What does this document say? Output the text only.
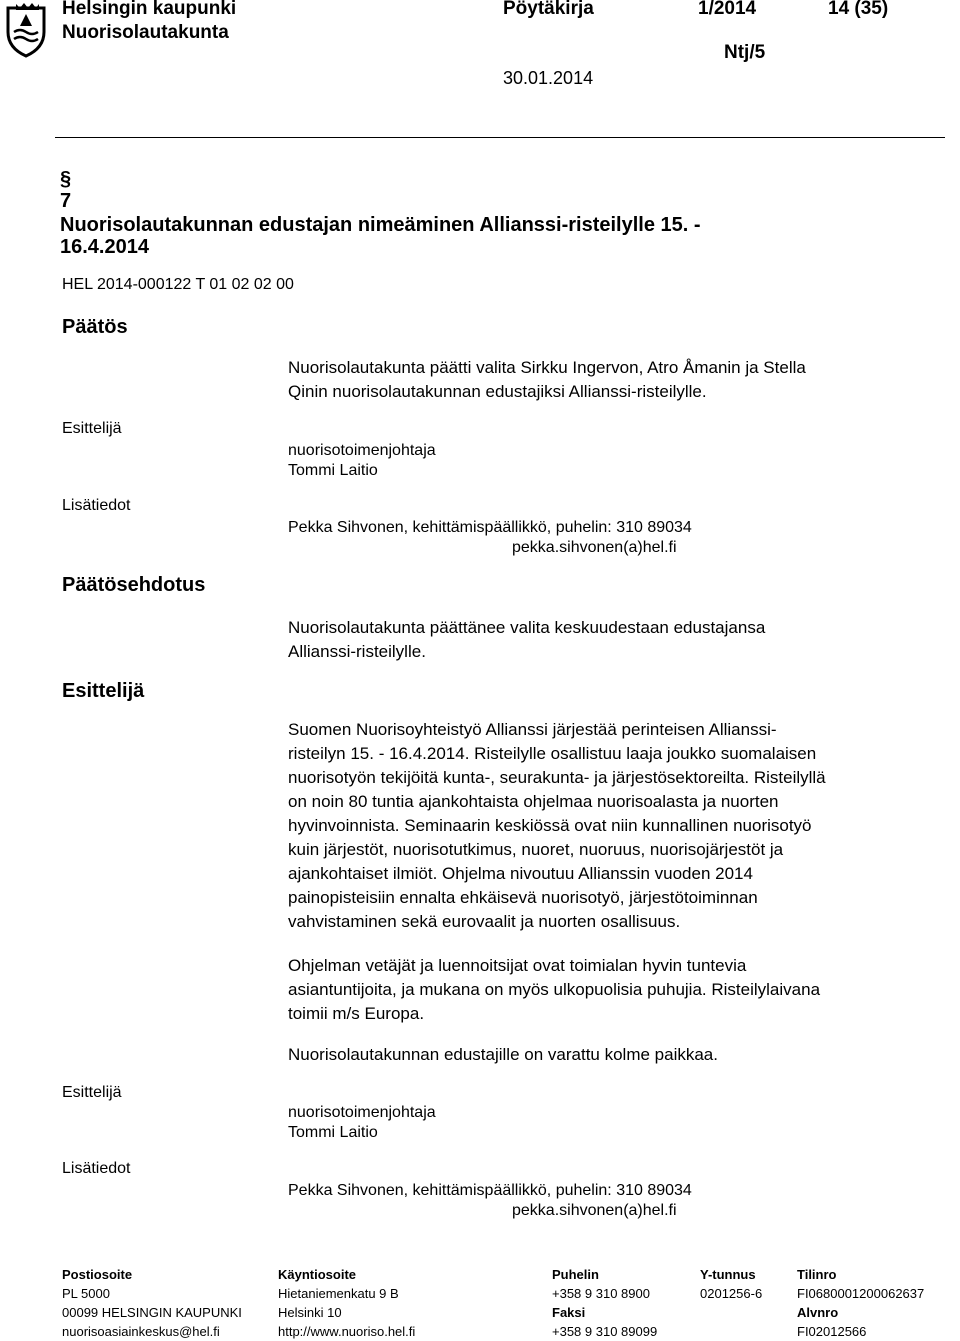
Helsingin kaupunki
Nuorisolautakunta
Pöytäkirja	1/2014	14 (35)
Ntj/5
30.01.2014
§
7
Nuorisolautakunnan edustajan nimeäminen Allianssi-risteilylle 15. -
16.4.2014
HEL 2014-000122 T 01 02 02 00
Päätös
Nuorisolautakunta päätti valita Sirkku Ingervon, Atro Åmanin ja Stella
Qinin nuorisolautakunnan edustajiksi Allianssi-risteilylle.
Esittelijä
nuorisotoimenjohtaja
Tommi Laitio
Lisätiedot
Pekka Sihvonen, kehittämispäällikkö, puhelin: 310 89034
pekka.sihvonen(a)hel.fi
Päätösehdotus
Nuorisolautakunta päättänee valita keskuudestaan edustajansa
Allianssi-risteilylle.
Esittelijä
Suomen Nuorisoyhteistyö Allianssi järjestää perinteisen Allianssi-
risteilyn 15. - 16.4.2014. Risteilylle osallistuu laaja joukko suomalaisen
nuorisotyön tekijöitä kunta-, seurakunta- ja järjestösektoreilta. Risteilyllä
on noin 80 tuntia ajankohtaista ohjelmaa nuorisoalasta ja nuorten
hyvinvoinnista. Seminaarin keskiössä ovat niin kunnallinen nuorisotyö
kuin järjestöt, nuorisotutkimus, nuoret, nuoruus, nuorisojärjestöt ja
ajankohtaiset ilmiöt. Ohjelma nivoutuu Allianssin vuoden 2014
painopisteisiin ennalta ehkäisevä nuorisotyö, järjestötoiminnan
vahvistaminen sekä eurovaalit ja nuorten osallisuus.
Ohjelman vetäjät ja luennoitsijat ovat toimialan hyvin tuntevia
asiantuntijoita, ja mukana on myös ulkopuolisia puhujia. Risteilylaivana
toimii m/s Europa.
Nuorisolautakunnan edustajille on varattu kolme paikkaa.
Esittelijä
nuorisotoimenjohtaja
Tommi Laitio
Lisätiedot
Pekka Sihvonen, kehittämispäällikkö, puhelin: 310 89034
pekka.sihvonen(a)hel.fi
Postiosoite
PL 5000
00099 HELSINGIN KAUPUNKI
nuorisoasiainkeskus@hel.fi
Käyntiosoite
Hietaniemenkatu 9 B
Helsinki 10
http://www.nuoriso.hel.fi
Puhelin
+358 9 310 8900
Faksi
+358 9 310 89099
Y-tunnus
0201256-6
Tilinro
FI0680001200062637
Alvnro
FI02012566
